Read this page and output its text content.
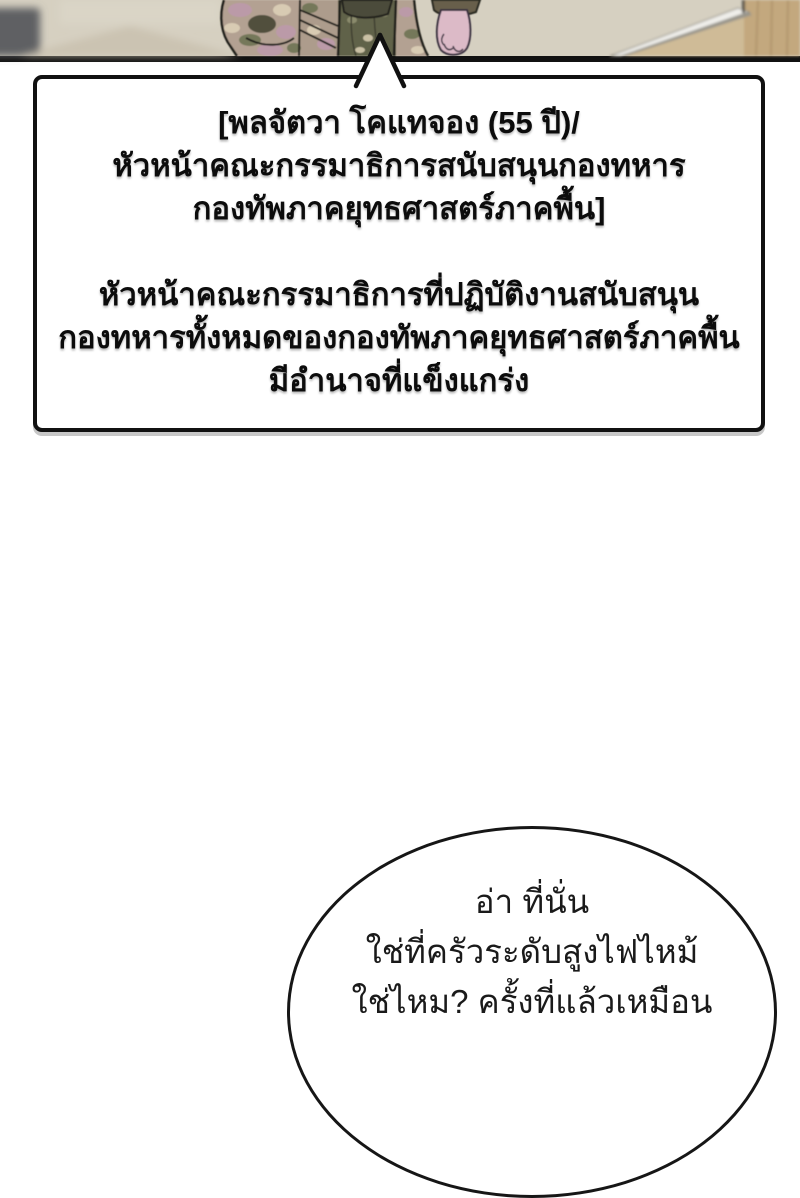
[พลจัตวา โคแทจอง (55 ปี)/
หัวหน้าคณะกรรมาธิการสนับสนุนกองทหาร
กองทัพภาคยุทธศาสตร์ภาคพื้น]
หัวหน้าคณะกรรมาธิการที่ปฏิบัติงานสนับสนุน
กองทหารทั้งหมดของกองทัพภาคยุทธศาสตร์ภาคพื้น
มีอำนาจที่แข็งแกร่ง
อ่า ที่นั่น
ใช่ที่ครัวระดับสูงไฟไหม้
ใช่ไหม? ครั้งที่แล้วเหมือน
